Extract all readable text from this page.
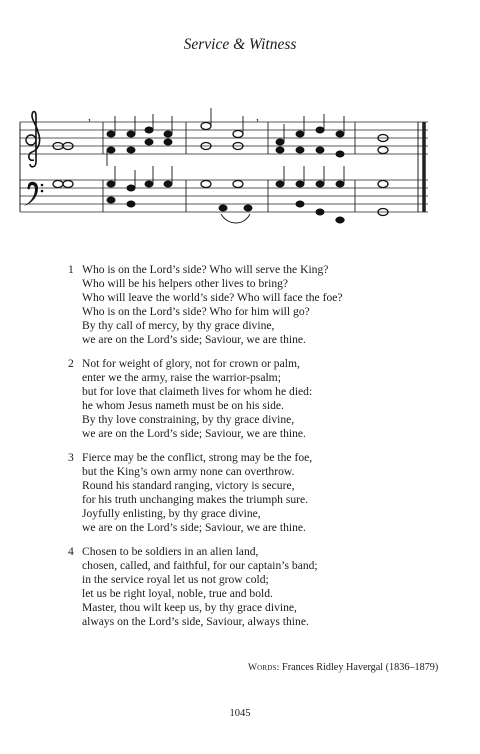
Service & Witness
,	,
1 Who is on the Lord’s side? Who will serve the King?
Who will be his helpers other lives to bring?
Who will leave the world’s side? Who will face the foe?
Who is on the Lord’s side? Who for him will go?
By thy call of mercy, by thy grace divine,
we are on the Lord’s side; Saviour, we are thine.
2 Not for weight of glory, not for crown or palm,
enter we the army, raise the warrior-psalm;
but for love that claimeth lives for whom he died:
he whom Jesus nameth must be on his side.
By thy love constraining, by thy grace divine,
we are on the Lord’s side; Saviour, we are thine.
3 Fierce may be the conflict, strong may be the foe,
but the King’s own army none can overthrow.
Round his standard ranging, victory is secure,
for his truth unchanging makes the triumph sure.
Joyfully enlisting, by thy grace divine,
we are on the Lord’s side; Saviour, we are thine.
4 Chosen to be soldiers in an alien land,
chosen, called, and faithful, for our captain’s band;
in the service royal let us not grow cold;
let us be right loyal, noble, true and bold.
Master, thou wilt keep us, by thy grace divine,
always on the Lord’s side, Saviour, always thine.
Words: Frances Ridley Havergal (1836–1879)
1045
